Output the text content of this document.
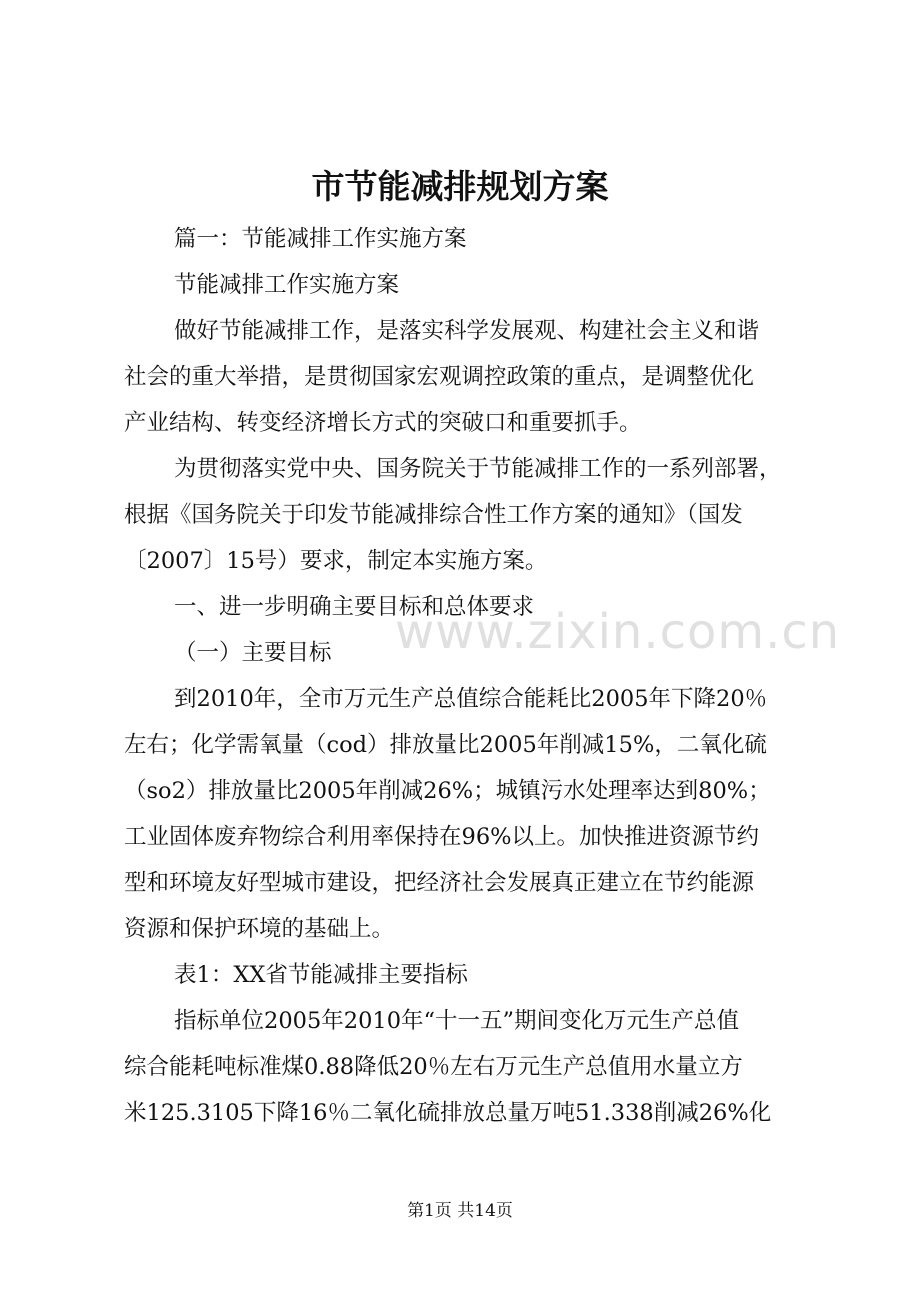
市节能减排规划方案
篇一：节能减排工作实施方案
节能减排工作实施方案
做好节能减排工作，是落实科学发展观、构建社会主义和谐
社会的重大举措，是贯彻国家宏观调控政策的重点，是调整优化
产业结构、转变经济增长方式的突破口和重要抓手。
为贯彻落实党中央、国务院关于节能减排工作的一系列部署，
根据《国务院关于印发节能减排综合性工作方案的通知》（国发
〔2007〕15号）要求，制定本实施方案。
一、进一步明确主要目标和总体要求
（一）主要目标
到2010年，全市万元生产总值综合能耗比2005年下降20％
左右；化学需氧量（cod）排放量比2005年削减15%，二氧化硫
（so2）排放量比2005年削减26%；城镇污水处理率达到80%；
工业固体废弃物综合利用率保持在96%以上。加快推进资源节约
型和环境友好型城市建设，把经济社会发展真正建立在节约能源
资源和保护环境的基础上。
表1：XX省节能减排主要指标
指标单位2005年2010年“十一五”期间变化万元生产总值
综合能耗吨标准煤0.88降低20％左右万元生产总值用水量立方
米125.3105下降16％二氧化硫排放总量万吨51.338削减26%化
www.zixin.com.cn
第1页 共14页
